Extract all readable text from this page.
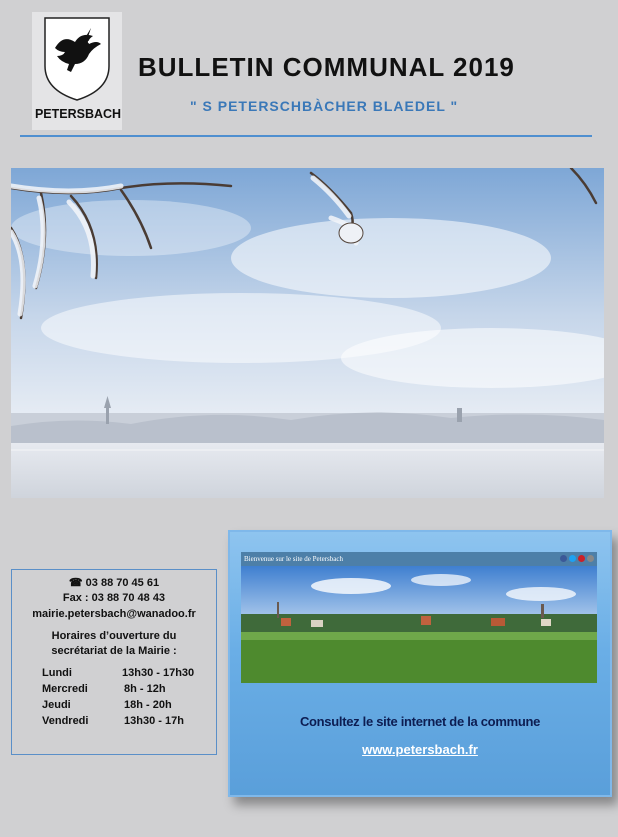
PETERSBACH
BULLETIN COMMUNAL 2019
" S PETERSCHBÀCHER BLAEDEL "
☎ 03 88 70 45 61
Fax : 03 88 70 48 43
mairie.petersbach@wanadoo.fr
Horaires d’ouverture du
secrétariat de la Mairie :
Lundi	13h30 - 17h30
Mercredi	8h - 12h
Jeudi	18h - 20h
Vendredi	13h30 - 17h
Bienvenue sur le site de Petersbach
Consultez le site internet de la commune
www.petersbach.fr
